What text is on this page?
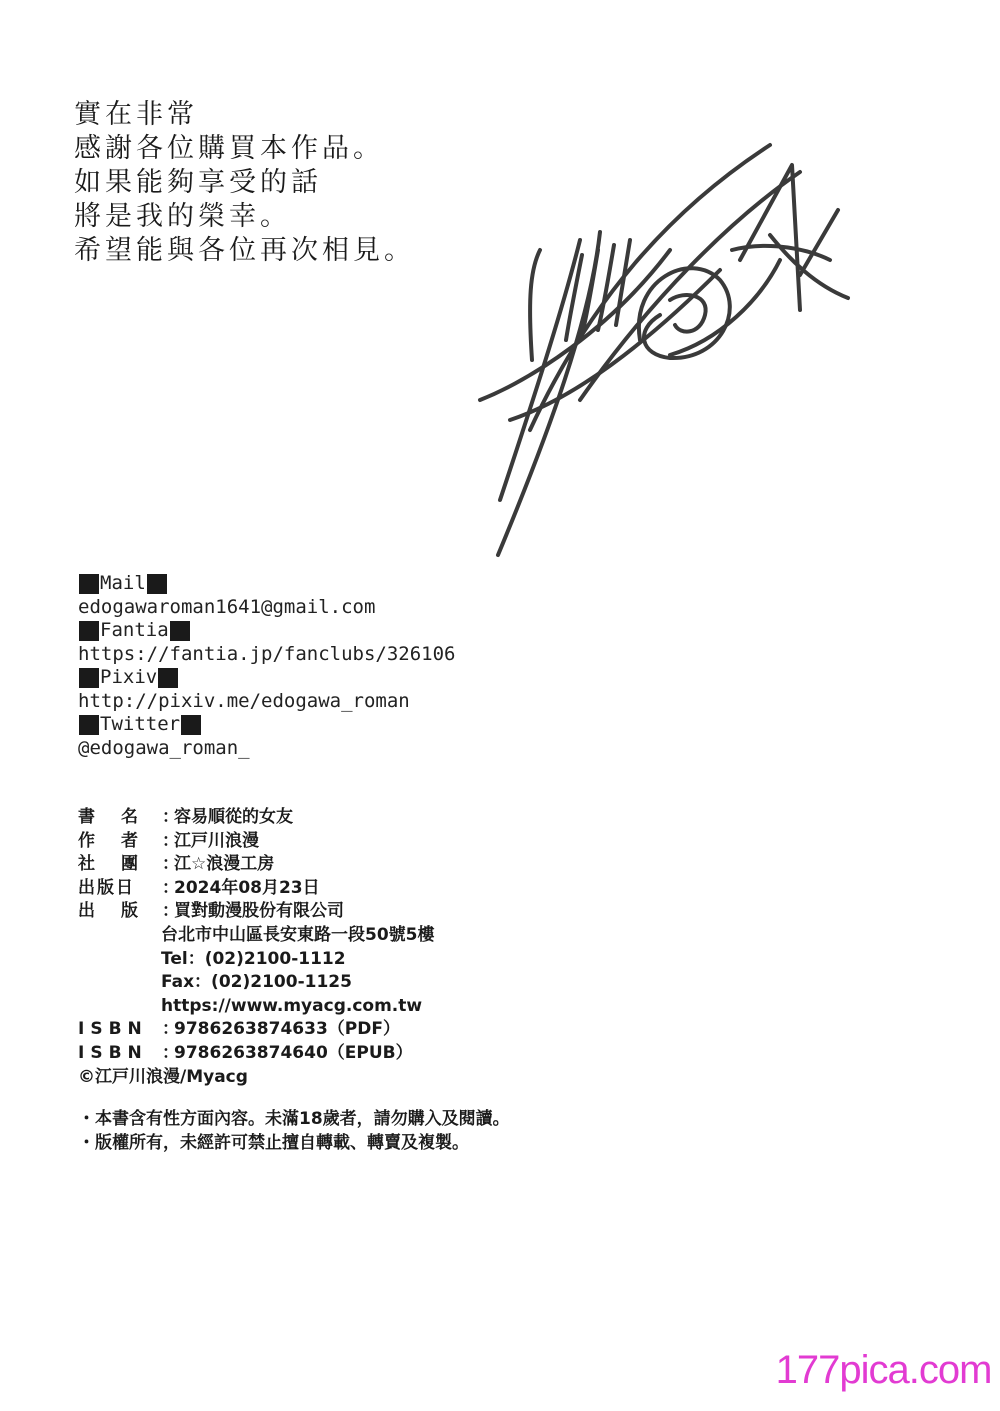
實在非常
感謝各位購買本作品。
如果能夠享受的話
將是我的榮幸。
希望能與各位再次相見。
Mail
edogawaroman1641@gmail.com
Fantia
https://fantia.jp/fanclubs/326106
Pixiv
http://pixiv.me/edogawa_roman
Twitter
@edogawa_roman_
書名
：
容易順從的女友
作者
：
江戸川浪漫
社團
：
江☆浪漫工房
出版日 ：
2024年08月23日
出版
：
買對動漫股份有限公司
台北市中山區長安東路一段50號5樓
Tel：(02)2100-1112
Fax：(02)2100-1125
https://www.myacg.com.tw
ISBN ：
9786263874633（PDF）
ISBN ：
9786263874640（EPUB）
©江戸川浪漫/Myacg
・本書含有性方面內容。未滿18歲者，請勿購入及閱讀。
・版權所有，未經許可禁止擅自轉載、轉賣及複製。
177pica.com
